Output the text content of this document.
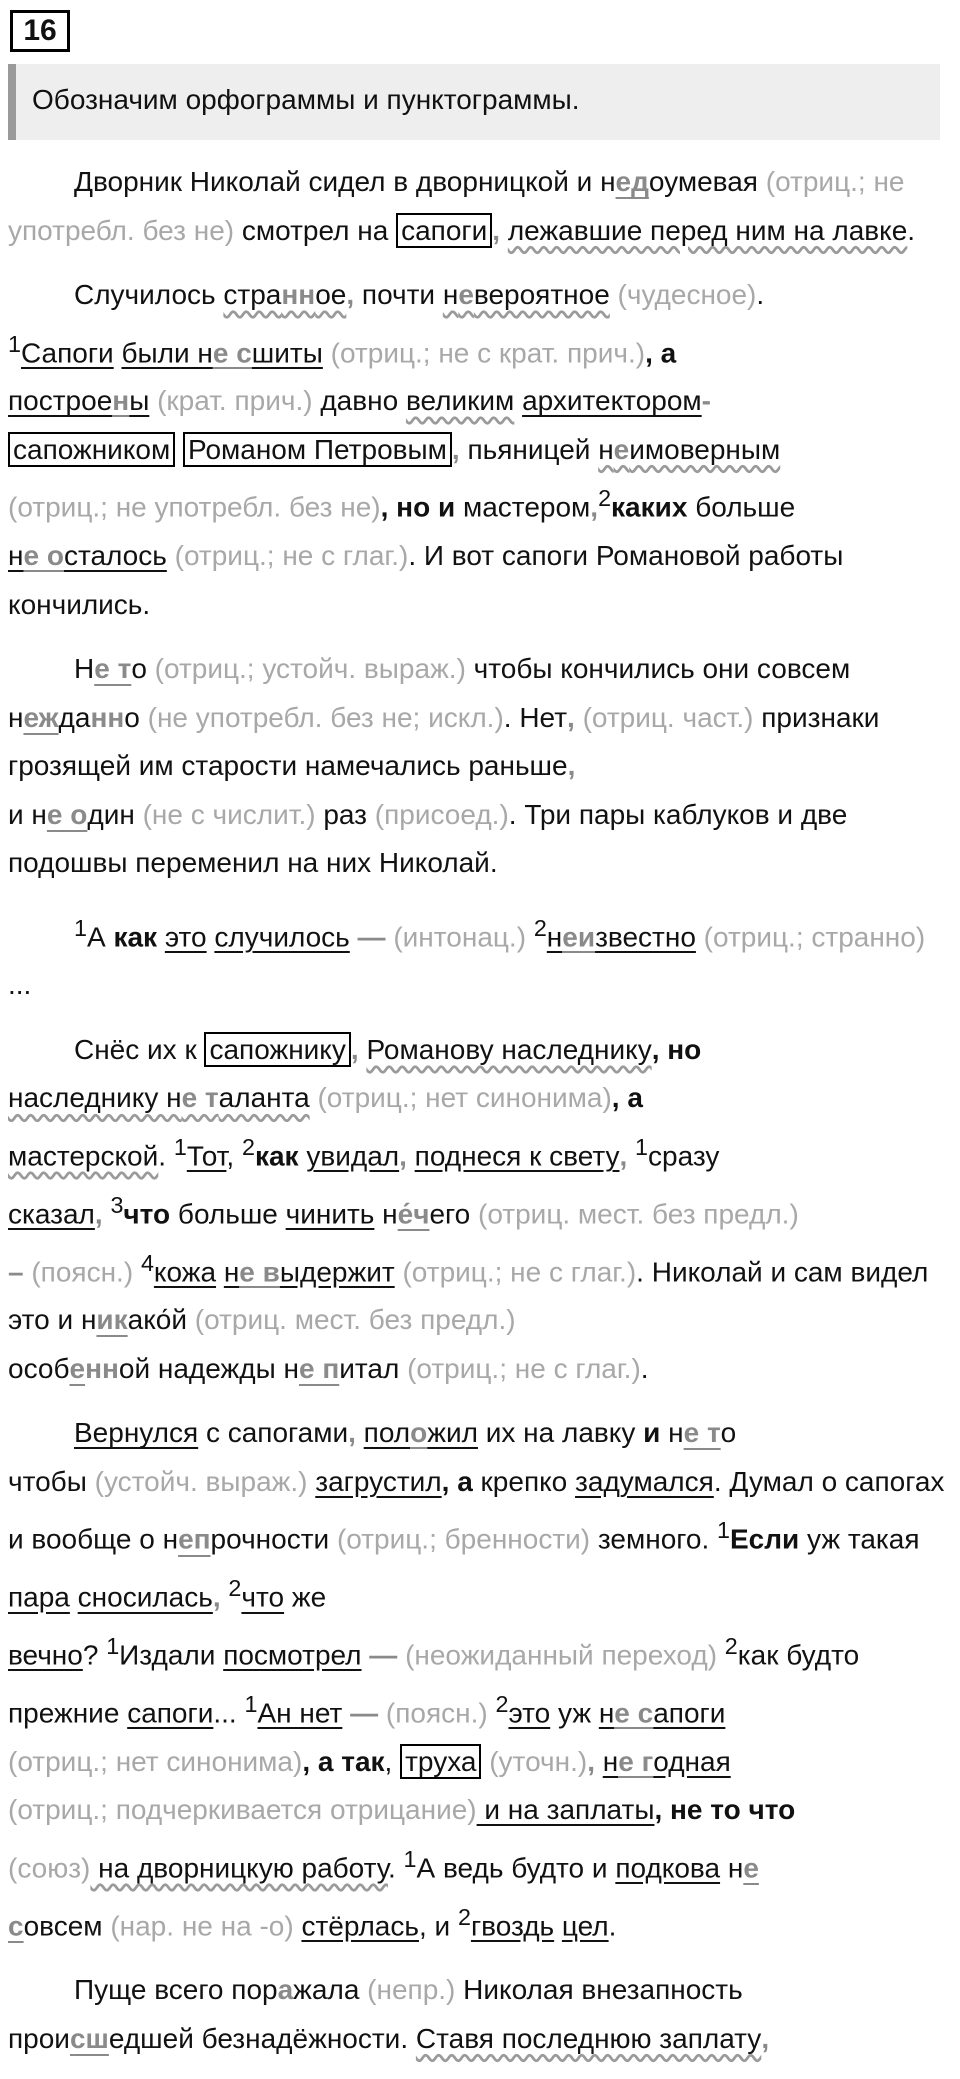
16
Обозначим орфограммы и пунктограммы.

Дворник Николай сидел в дворницкой и недоумевая (отриц.; не употребл. без не) смотрел на сапоги , лежавшие перед ним на лавке.

Случилось странное, почти невероятное (чудесное).
$^1$Сапоги были не сшиты (отриц.; не с крат. прич.), а
построены (крат. прич.) давно великим архитектором-
сапожником Романом Петровым , пьяницей неимоверным
(отриц.; не употребл. без не), но и мастером,$^2$каких больше
не осталось (отриц.; не с глаг.). И вот сапоги Романовой работы кончились.

Не то (отриц.; устойч. выраж.) чтобы кончились они совсем нежданно (не употребл. без не; искл.). Нет, (отриц. част.) признаки грозящей им старости намечались раньше,
и не один (не с числит.) раз (присоед.). Три пары каблуков и две подошвы переменил на них Николай.

$^1$А как это случилось — (интонац.) $^2$неизвестно (отриц.; странно) ...

Снёс их к сапожнику , Романову наследнику, но
наследнику не таланта (отриц.; нет синонима), а
мастерской. $^1$Тот, $^2$как увидал, поднеся к свету, $^1$сразу
сказал, $^3$что больше чинить не́чего (отриц. мест. без предл.)
– (поясн.) $^4$кожа не выдержит (отриц.; не с глаг.). Николай и сам видел это и никако́й (отриц. мест. без предл.)
особенной надежды не питал (отриц.; не с глаг.).

Вернулся с сапогами, положил их на лавку и не то
чтобы (устойч. выраж.) загрустил, а крепко задумался. Думал о сапогах и вообще о непрочности (отриц.; бренности) земного. $^1$Если уж такая пара сносилась, $^2$что же
вечно? $^1$Издали посмотрел — (неожиданный переход) $^2$как будто прежние сапоги... $^1$Ан нет — (поясн.) $^2$это уж не сапоги
(отриц.; нет синонима), а так, труха (уточн.), не годная
(отриц.; подчеркивается отрицание) и на заплаты, не то что
(союз) на дворницкую работу. $^1$А ведь будто и подкова не
совсем (нар. не на -о) стёрлась, и $^2$гвоздь цел.

Пуще всего поражала (непр.) Николая внезапность
происшедшей безнадёжности. Ставя последнюю заплату,
